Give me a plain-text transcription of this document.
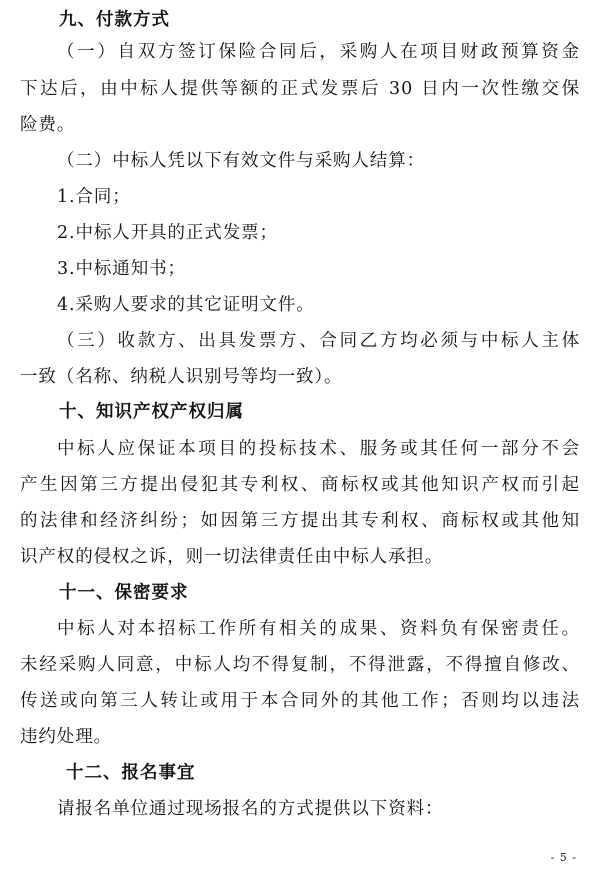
九、付款方式
（一）自双方签订保险合同后，采购人在项目财政预算资金
下达后，由中标人提供等额的正式发票后 30 日内一次性缴交保
险费。
（二）中标人凭以下有效文件与采购人结算：
1.合同；
2.中标人开具的正式发票；
3.中标通知书；
4.采购人要求的其它证明文件。
（三）收款方、出具发票方、合同乙方均必须与中标人主体
一致（名称、纳税人识别号等均一致）。
十、知识产权产权归属
中标人应保证本项目的投标技术、服务或其任何一部分不会
产生因第三方提出侵犯其专利权、商标权或其他知识产权而引起
的法律和经济纠纷；如因第三方提出其专利权、商标权或其他知
识产权的侵权之诉，则一切法律责任由中标人承担。
十一、保密要求
中标人对本招标工作所有相关的成果、资料负有保密责任。
未经采购人同意，中标人均不得复制，不得泄露，不得擅自修改、
传送或向第三人转让或用于本合同外的其他工作；否则均以违法
违约处理。
十二、报名事宜
请报名单位通过现场报名的方式提供以下资料：
- 5 -
